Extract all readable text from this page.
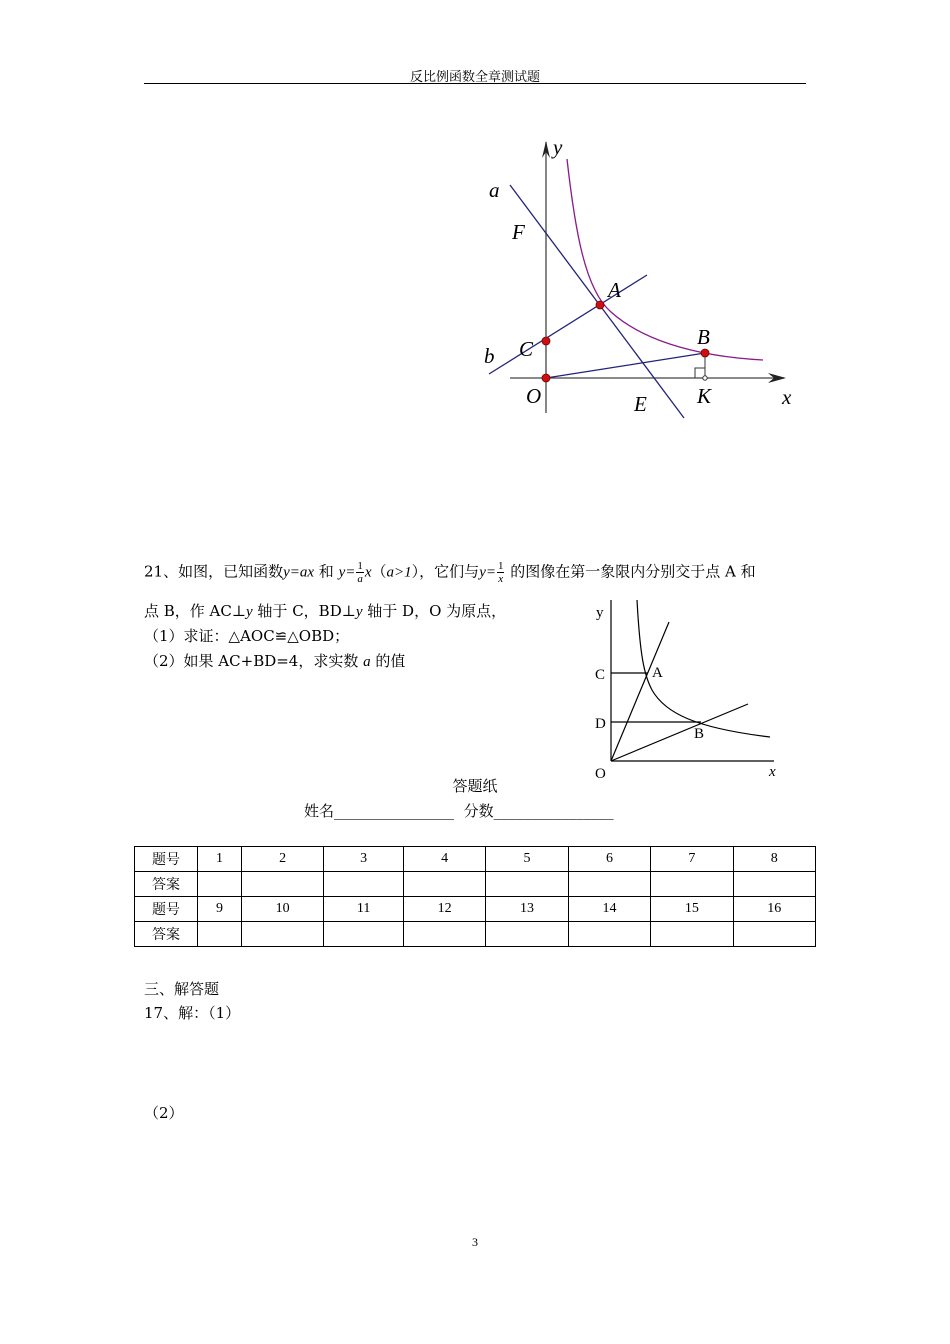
反比例函数全章测试题
y
a
F
A
B
C
b
O	E K	x
21、如图，已知函数y=ax 和 $y= \frac{1}{a} x(a>1)$，它们与$y= \frac{1}{x}$ 的图像在第一象限内分别交于点 A 和
点 B，作 AC⊥y 轴于 C，BD⊥y 轴于 D，O 为原点，
（1）求证：△AOC≌△OBD；
（2）如果 AC+BD=4，求实数 a 的值
y
C	A
D
B
O	x
答题纸
姓名________________ 分数________________
题号	1	2	3	4	5	6	7	8
答案								
题号	9	10	11	12	13	14	15	16
答案								
三、解答题
17、解：（1）
（2）
3
